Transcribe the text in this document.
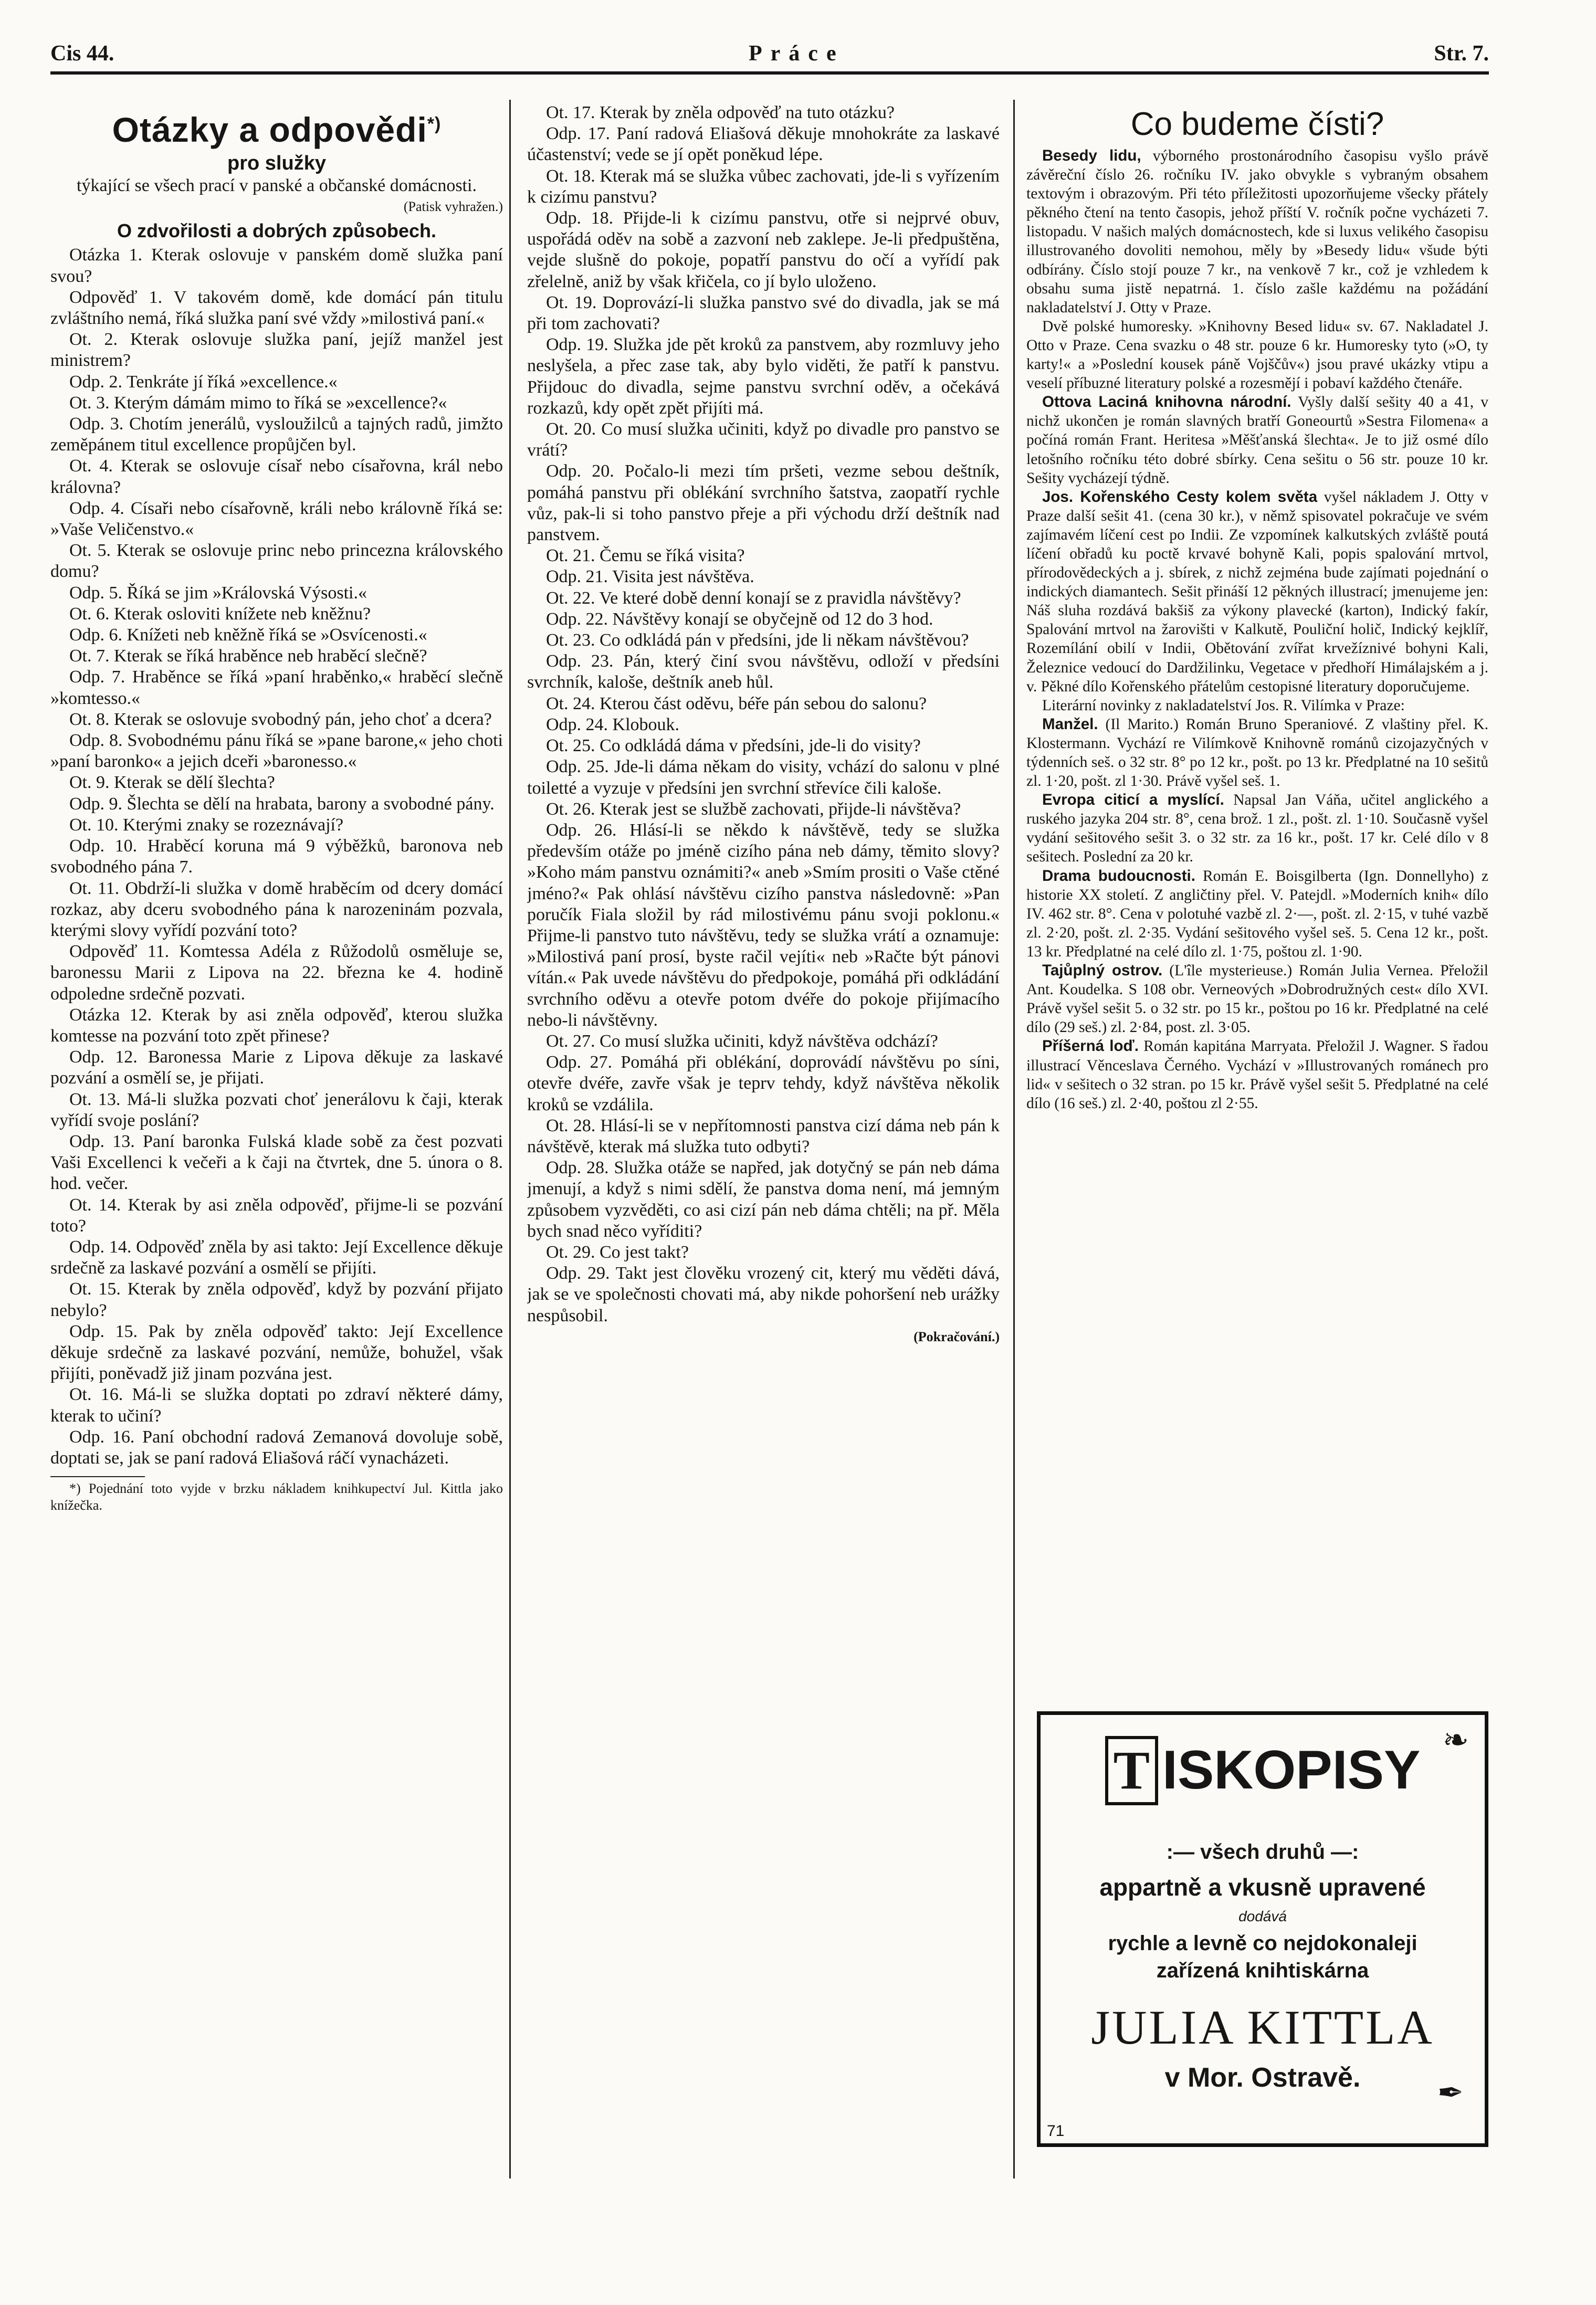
Cis 44.	Práce	Str. 7.
Otázky a odpovědi*)
pro služky

týkající se všech prací v panské a občanské domácnosti.

(Patisk vyhražen.)

O zdvořilosti a dobrých způsobech.

Otázka 1. Kterak oslovuje v panském domě služka paní svou?

Odpověď 1. V takovém domě, kde domácí pán titulu zvláštního nemá, říká služka paní své vždy »milostivá paní.«

Ot. 2. Kterak oslovuje služka paní, jejíž manžel jest ministrem?

Odp. 2. Tenkráte jí říká »excellence.«

Ot. 3. Kterým dámám mimo to říká se »excellence?«

Odp. 3. Chotím jenerálů, vysloužilců a tajných radů, jimžto zeměpánem titul excellence propůjčen byl.

Ot. 4. Kterak se oslovuje císař nebo císařovna, král nebo královna?

Odp. 4. Císaři nebo císařovně, králi nebo královně říká se: »Vaše Veličenstvo.«

Ot. 5. Kterak se oslovuje princ nebo princezna královského domu?

Odp. 5. Říká se jim »Královská Výsosti.«

Ot. 6. Kterak osloviti knížete neb kněžnu?

Odp. 6. Knížeti neb kněžně říká se »Osvícenosti.«

Ot. 7. Kterak se říká hraběnce neb hraběcí slečně?

Odp. 7. Hraběnce se říká »paní hraběnko,« hraběcí slečně »komtesso.«

Ot. 8. Kterak se oslovuje svobodný pán, jeho choť a dcera?

Odp. 8. Svobodnému pánu říká se »pane barone,« jeho choti »paní baronko« a jejich dceři »baronesso.«

Ot. 9. Kterak se dělí šlechta?

Odp. 9. Šlechta se dělí na hrabata, barony a svobodné pány.

Ot. 10. Kterými znaky se rozeznávají?

Odp. 10. Hraběcí koruna má 9 výběžků, baronova neb svobodného pána 7.

Ot. 11. Obdrží-li služka v domě hraběcím od dcery domácí rozkaz, aby dceru svobodného pána k narozeninám pozvala, kterými slovy vyřídí pozvání toto?

Odpověď 11. Komtessa Adéla z Růžodolů osměluje se, baronessu Marii z Lipova na 22. března ke 4. hodině odpoledne srdečně pozvati.

Otázka 12. Kterak by asi zněla odpověď, kterou služka komtesse na pozvání toto zpět přinese?

Odp. 12. Baronessa Marie z Lipova děkuje za laskavé pozvání a osmělí se, je přijati.

Ot. 13. Má-li služka pozvati choť jenerálovu k čaji, kterak vyřídí svoje poslání?

Odp. 13. Paní baronka Fulská klade sobě za čest pozvati Vaši Excellenci k večeři a k čaji na čtvrtek, dne 5. února o 8. hod. večer.

Ot. 14. Kterak by asi zněla odpověď, přijme-li se pozvání toto?

Odp. 14. Odpověď zněla by asi takto: Její Excellence děkuje srdečně za laskavé pozvání a osmělí se přijíti.

Ot. 15. Kterak by zněla odpověď, když by pozvání přijato nebylo?

Odp. 15. Pak by zněla odpověď takto: Její Excellence děkuje srdečně za laskavé pozvání, nemůže, bohužel, však přijíti, poněvadž již jinam pozvána jest.

Ot. 16. Má-li se služka doptati po zdraví některé dámy, kterak to učiní?

Odp. 16. Paní obchodní radová Zemanová dovoluje sobě, doptati se, jak se paní radová Eliašová ráčí vynacházeti.

*) Pojednání toto vyjde v brzku nákladem knihkupectví Jul. Kittla jako knížečka.

Ot. 17. Kterak by zněla odpověď na tuto otázku?

Odp. 17. Paní radová Eliašová děkuje mnohokráte za laskavé účastenství; vede se jí opět poněkud lépe.

Ot. 18. Kterak má se služka vůbec zachovati, jde-li s vyřízením k cizímu panstvu?

Odp. 18. Přijde-li k cizímu panstvu, otře si nejprvé obuv, uspořádá oděv na sobě a zazvoní neb zaklepe. Je-li předpuštěna, vejde slušně do pokoje, popatří panstvu do očí a vyřídí pak zřelelně, aniž by však křičela, co jí bylo uloženo.

Ot. 19. Doprovází-li služka panstvo své do divadla, jak se má při tom zachovati?

Odp. 19. Služka jde pět kroků za panstvem, aby rozmluvy jeho neslyšela, a přec zase tak, aby bylo viděti, že patří k panstvu. Přijdouc do divadla, sejme panstvu svrchní oděv, a očekává rozkazů, kdy opět zpět přijíti má.

Ot. 20. Co musí služka učiniti, když po divadle pro panstvo se vrátí?

Odp. 20. Počalo-li mezi tím pršeti, vezme sebou deštník, pomáhá panstvu při oblékání svrchního šatstva, zaopatří rychle vůz, pak-li si toho panstvo přeje a při východu drží deštník nad panstvem.

Ot. 21. Čemu se říká visita?

Odp. 21. Visita jest návštěva.

Ot. 22. Ve které době denní konají se z pravidla návštěvy?

Odp. 22. Návštěvy konají se obyčejně od 12 do 3 hod.

Ot. 23. Co odkládá pán v předsíni, jde li někam návštěvou?

Odp. 23. Pán, který činí svou návštěvu, odloží v předsíni svrchník, kaloše, deštník aneb hůl.

Ot. 24. Kterou část oděvu, béře pán sebou do salonu?

Odp. 24. Klobouk.

Ot. 25. Co odkládá dáma v předsíni, jde-li do visity?

Odp. 25. Jde-li dáma někam do visity, vchází do salonu v plné toiletté a vyzuje v předsíni jen svrchní střevíce čili kaloše.

Ot. 26. Kterak jest se službě zachovati, přijde-li návštěva?

Odp. 26. Hlásí-li se někdo k návštěvě, tedy se služka především otáže po jméně cizího pána neb dámy, těmito slovy? »Koho mám panstvu oznámiti?« aneb »Smím prositi o Vaše ctěné jméno?« Pak ohlásí návštěvu cizího panstva následovně: »Pan poručík Fiala složil by rád milostivému pánu svoji poklonu.« Přijme-li panstvo tuto návštěvu, tedy se služka vrátí a oznamuje: »Milostivá paní prosí, byste račil vejíti« neb »Račte být pánovi vítán.« Pak uvede návštěvu do předpokoje, pomáhá při odkládání svrchního oděvu a otevře potom dvéře do pokoje přijímacího nebo-li návštěvny.

Ot. 27. Co musí služka učiniti, když návštěva odchází?

Odp. 27. Pomáhá při oblékání, doprovádí návštěvu po síni, otevře dvéře, zavře však je teprv tehdy, když návštěva několik kroků se vzdálila.

Ot. 28. Hlásí-li se v nepřítomnosti panstva cizí dáma neb pán k návštěvě, kterak má služka tuto odbyti?

Odp. 28. Služka otáže se napřed, jak dotyčný se pán neb dáma jmenují, a když s nimi sdělí, že panstva doma není, má jemným způsobem vyzvěděti, co asi cizí pán neb dáma chtěli; na př. Měla bych snad něco vyříditi?

Ot. 29. Co jest takt?

Odp. 29. Takt jest člověku vrozený cit, který mu věděti dává, jak se ve společnosti chovati má, aby nikde pohoršení neb urážky nespůsobil.

(Pokračování.)
Co budeme čísti?

Besedy lidu, výborného prostonárodního časopisu vyšlo právě závěreční číslo 26. ročníku IV. jako obvykle s vybraným obsahem textovým i obrazovým. Při této příležitosti upozorňujeme všecky přátely pěkného čtení na tento časopis, jehož příští V. ročník počne vycházeti 7. listopadu. V našich malých domácnostech, kde si luxus velikého časopisu illustrovaného dovoliti nemohou, měly by »Besedy lidu« všude býti odbírány. Číslo stojí pouze 7 kr., na venkově 7 kr., což je vzhledem k obsahu suma jistě nepatrná. 1. číslo zašle každému na požádání nakladatelství J. Otty v Praze.

Dvě polské humoresky. »Knihovny Besed lidu« sv. 67. Nakladatel J. Otto v Praze. Cena svazku o 48 str. pouze 6 kr. Humoresky tyto (»O, ty karty!« a »Poslední kousek páně Vojščův«) jsou pravé ukázky vtipu a veselí příbuzné literatury polské a rozesmějí i pobaví každého čtenáře.

Ottova Laciná knihovna národní. Vyšly další sešity 40 a 41, v nichž ukončen je román slavných bratří Goneourtů »Sestra Filomena« a počíná román Frant. Heritesa »Měšťanská šlechta«. Je to již osmé dílo letošního ročníku této dobré sbírky. Cena sešitu o 56 str. pouze 10 kr. Sešity vycházejí týdně.

Jos. Kořenského Cesty kolem světa vyšel nákladem J. Otty v Praze další sešit 41. (cena 30 kr.), v němž spisovatel pokračuje ve svém zajímavém líčení cest po Indii. Ze vzpomínek kalkutských zvláště poutá líčení obřadů ku poctě krvavé bohyně Kali, popis spalování mrtvol, přírodovědeckých a j. sbírek, z nichž zejména bude zajímati pojednání o indických diamantech. Sešit přináší 12 pěkných illustrací; jmenujeme jen: Náš sluha rozdává bakšiš za výkony plavecké (karton), Indický fakír, Spalování mrtvol na žarovišti v Kalkutě, Pouliční holič, Indický kejklíř, Rozemílání obilí v Indii, Obětování zvířat krvežíznivé bohyni Kali, Železnice vedoucí do Dardžilinku, Vegetace v předhoří Himálajském a j. v. Pěkné dílo Kořenského přátelům cestopisné literatury doporučujeme.

Literární novinky z nakladatelství Jos. R. Vilímka v Praze:

Manžel. (Il Marito.) Román Bruno Speraniové. Z vlaštiny přel. K. Klostermann. Vychází re Vilímkově Knihovně románů cizojazyčných v týdenních seš. o 32 str. 8° po 12 kr., pošt. po 13 kr. Předplatné na 10 sešitů zl. 1·20, pošt. zl 1·30. Právě vyšel seš. 1.

Evropa citicí a myslící. Napsal Jan Váňa, učitel anglického a ruského jazyka 204 str. 8°, cena brož. 1 zl., pošt. zl. 1·10. Současně vyšel vydání sešitového sešit 3. o 32 str. za 16 kr., pošt. 17 kr. Celé dílo v 8 sešitech. Poslední za 20 kr.

Drama budoucnosti. Román E. Boisgilberta (Ign. Donnellyho) z historie XX století. Z angličtiny přel. V. Patejdl. »Moderních knih« dílo IV. 462 str. 8°. Cena v polotuhé vazbě zl. 2·—, pošt. zl. 2·15, v tuhé vazbě zl. 2·20, pošt. zl. 2·35. Vydání sešitového vyšel seš. 5. Cena 12 kr., pošt. 13 kr. Předplatné na celé dílo zl. 1·75, poštou zl. 1·90.

Tajůplný ostrov. (L'île mysterieuse.) Román Julia Vernea. Přeložil Ant. Koudelka. S 108 obr. Verneových »Dobrodružných cest« dílo XVI. Právě vyšel sešit 5. o 32 str. po 15 kr., poštou po 16 kr. Předplatné na celé dílo (29 seš.) zl. 2·84, post. zl. 3·05.

Příšerná loď. Román kapitána Marryata. Přeložil J. Wagner. S řadou illustrací Věnceslava Černého. Vychází v »Illustrovaných románech pro lid« v sešitech o 32 stran. po 15 kr. Právě vyšel sešit 5. Předplatné na celé dílo (16 seš.) zl. 2·40, poštou zl 2·55.

❧
T ISKOPISY
:— všech druhů —:
appartně a vkusně upravené
dodává
rychle a levně co nejdokonaleji
zařízená knihtiskárna
JULIA KITTLA
v Mor. Ostravě.	✒
71
